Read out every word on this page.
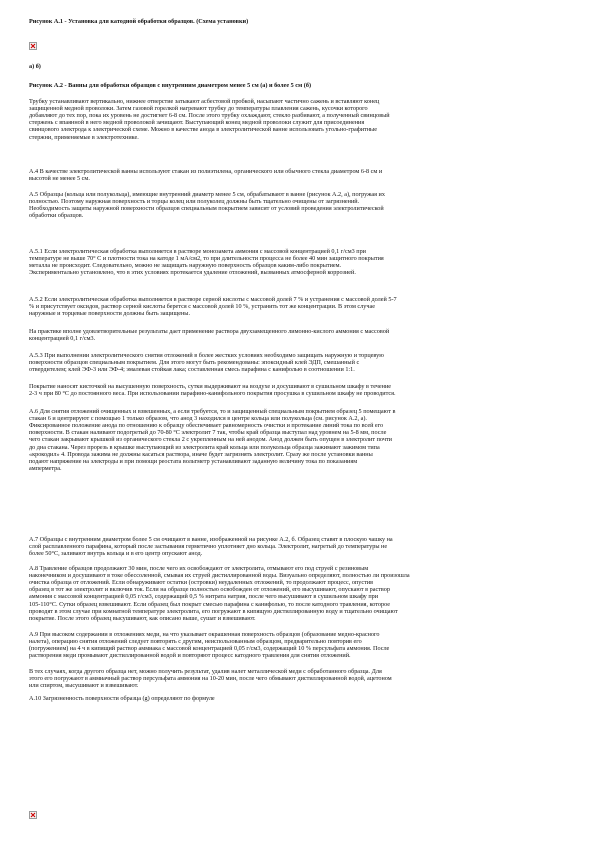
Рисунок А.1 - Установка для катодной обработки образцов. (Схема установки)
а) б)
Рисунок А.2 - Ванны для обработки образцов с внутренним диаметром менее 5 см (а) и более 5 см (б)
Трубку устанавливают вертикально, нижнее отверстие затыкают асбестовой пробкой, насыпают частично сажень и вставляют конец
защищенной медной проволоки. Затем газовой горелкой нагревают трубку до температуры плавления сажень, кусочки которого
добавляют до тех пор, пока их уровень не достигнет 6-8 см. После этого трубку охлаждают, стекло разбивают, а полученный свинцовый
стержень с впаянной в него медной проволокой зачищают. Выступающий конец медной проволоки служит для присоединения
свинцового электрода к электрической схеме. Можно в качестве анода в электролитической ванне использовать угольно-графитные
стержни, применяемые в электротехнике.
А.4 В качестве электролитической ванны используют стакан из полиэтилена, органического или обычного стекла диаметром 6-8 см и
высотой не менее 5 см.
А.5 Образцы (кольца или полукольца), имеющие внутренний диаметр менее 5 см, обрабатывают в ванне (рисунок А.2, а), погружая их
полностью. Поэтому наружная поверхность и торцы колец или полуколец должны быть тщательно очищены от загрязнений.
Необходимость защиты наружной поверхности образцов специальным покрытием зависит от условий проведения электролитической
обработки образцов.
А.5.1 Если электролитическая обработка выполняется в растворе монозамета аммония с массовой концентрацией 0,1 г/см3 при
температуре не выше 70° С и плотности тока на катоде 1 мА/см2, то при длительности процесса не более 40 мин защитного покрытия
металла не происходит. Следовательно, можно не защищать наружную поверхность образцов каким-либо покрытием.
Экспериментально установлено, что в этих условиях протекается удаление отложений, вызванных атмосферной коррозией.
А.5.2 Если электролитическая обработка выполняется в растворе серной кислоты с массовой долей 7 % и устранения с массовой долей 5-7
% и присутствует оксидов, раствор серной кислоты берется с массовой долей 10 %, устранить тот же концентрации. В этом случае
наружные и торцевые поверхности должны быть защищены.
На практике вполне удовлетворительные результаты дает применение раствора двухзамещенного лимонно-кислого аммония с массовой
концентрацией 0,1 г/см3.
А.5.3 При выполнении электролитического снятия отложений в более жестких условиях необходимо защищать наружную и торцевую
поверхности образцов специальным покрытием. Для этого могут быть рекомендованы: эпоксидный клей ЭДП, смешанный с
отвердителем; клей ЭФ-3 или ЭФ-4; эмалевая стойкая лака; составленная смесь парафина с канифолью в соотношении 1:1.
Покрытие наносят кисточкой на высушенную поверхность, сутки выдерживают на воздухе и досушивают в сушильном шкафу в течение
2-3 ч при 80 °С до постоянного веса. При использовании парафино-канифольного покрытия просушка в сушильном шкафу не проводится.
А.6 Для снятия отложений очищенных и взвешенных, а если требуется, то и защищенный специальным покрытием образец 5 помещают в
стакан 6 и центрируют с помощью 1 только образом, что анод 3 находился в центре кольца или полукольца (см. рисунок А.2, а).
Фиксированное положение анода по отношению к образцу обеспечивает равномерность очистки и протекание линий тока по всей его
поверхности. В стакан наливают подогретый до 70-80 °С электролит 7 так, чтобы край образца выступал над уровнем на 5-8 мм, после
чего стакан закрывают крышкой из органического стекла 2 с укрепленным на ней анодом. Анод должен быть опущен в электролит почти
до дна стакана. Через прорезь в крышке выступающий из электролита край кольца или полукольца образца зажимают зажимом типа
«крокодил» 4. Провода зажима не должны касаться раствора, иначе будет загрязнять электролит. Сразу же после установки ванны
подают напряжение на электроды и при помощи реостата вольтметр устанавливают заданную величину тока по показаниям
амперметра.
А.7 Образцы с внутренним диаметром более 5 см очищают в ванне, изображенной на рисунке А.2, б. Образец ставят в плоскую чашку на
слой расплавленного парафина, который после застывания герметично уплотняет дно кольца. Электролит, нагретый до температуры не
более 50°С, заливают внутрь кольца и в его центр опускают анод.
А.8 Травление образцов продолжают 30 мин, после чего их освобождают от электролита, отмывают его под струей с резиновым
наконечником и досушивают в токе обессоленной, смывая их струей дистиллированной воды. Визуально определяют, полностью ли произошла
очистка образца от отложений. Если обнаруживают остатки (островки) неудаленных отложений, то продолжают процесс, опустив
образец в тот же электролит и включив ток. Если на образце полностью освобожден от отложений, его высушивают, опускают в раствор
аммония с массовой концентрацией 0,05 г/см3, содержащий 0,5 % нитрата натрия, после чего высушивают в сушильном шкафу при
105-110°С. Сутки образец взвешивают. Если образец был покрыт смесью парафина с канифолью, то после катодного травления, которое
проводят в этом случае при комнатной температуре электролита, его погружают в кипящую дистиллированную воду и тщательно очищают
покрытие. После этого образец высушивают, как описано выше, сушат и взвешивают.
А.9 При высоком содержании в отложениях меди, на что указывает окрашенная поверхность образцов (образование медно-красного
налета), операцию снятия отложений следует повторять с другим, неиспользованным образцом, предварительно повторив его
(погружением) на 4 ч в кипящий раствор аммиака с массовой концентрацией 0,05 г/см3, содержащий 10 % персульфата аммония. После
растворения меди промывают дистиллированной водой и повторяют процесс катодного травления для снятия отложений.
В тех случаях, когда другого образца нет, можно получить результат, удалив налет металлической меди с обработанного образца. Для
этого его погружают в аммиачный раствор персульфата аммония на 10-20 мин, после чего обмывают дистиллированной водой, ацетоном
или спиртом, высушивают и взвешивают.
А.10 Загрязненность поверхности образца (g) определяют по формуле
